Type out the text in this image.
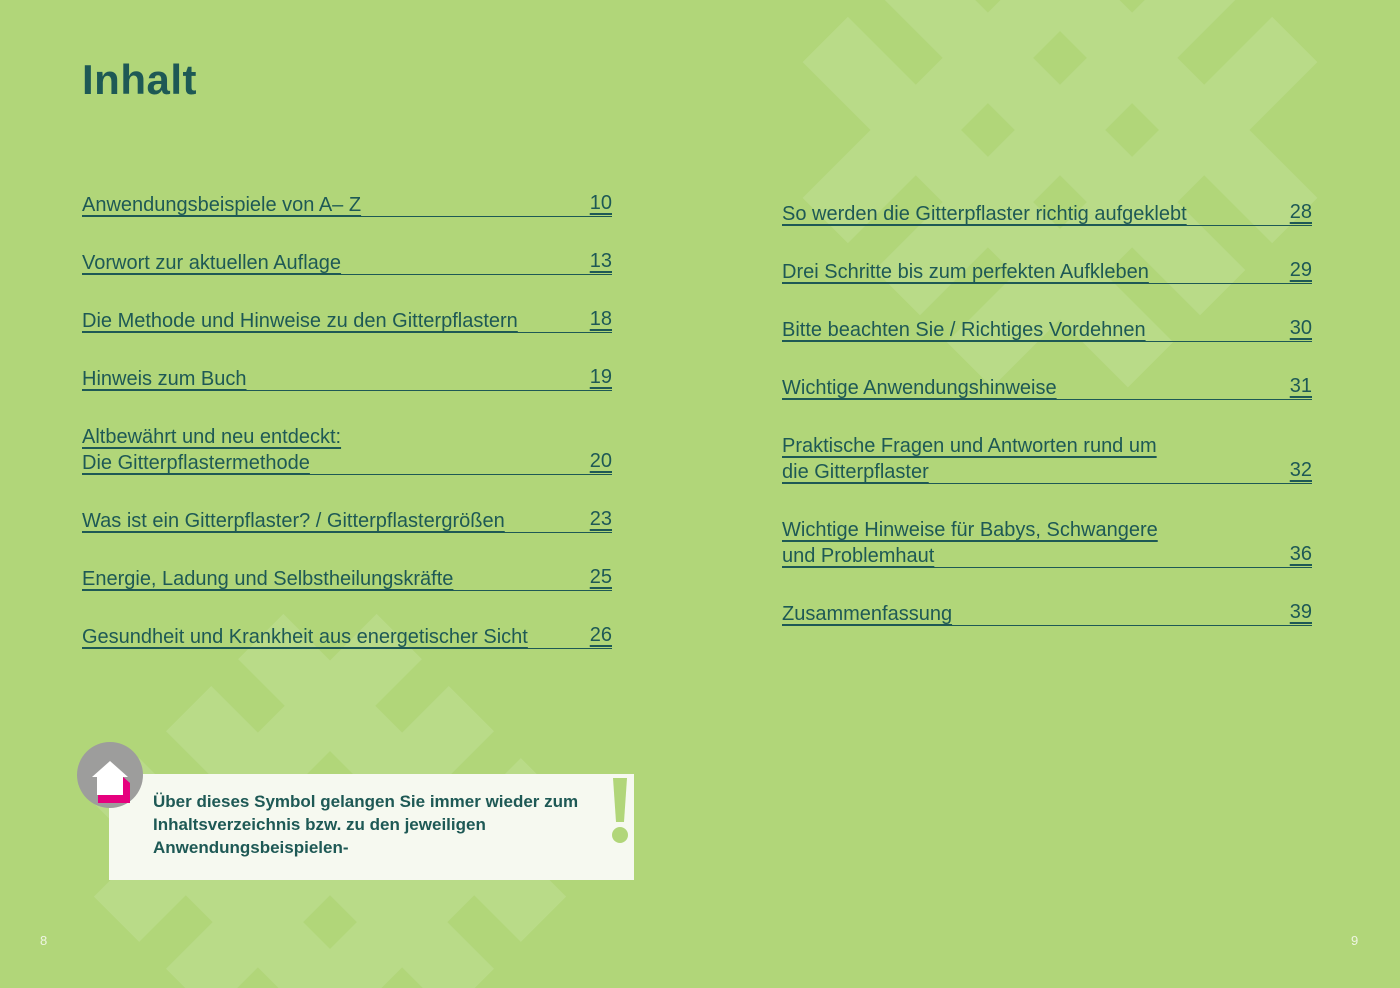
Inhalt
Anwendungsbeispiele von A– Z	10
Vorwort zur aktuellen Auflage	13
Die Methode und Hinweise zu den Gitterpflastern	18
Hinweis zum Buch	19
Altbewährt und neu entdeckt:
Die Gitterpflastermethode	20
Was ist ein Gitterpflaster? / Gitterpflastergrößen	23
Energie, Ladung und Selbstheilungskräfte	25
Gesundheit und Krankheit aus energetischer Sicht	26
So werden die Gitterpflaster richtig aufgeklebt	28
Drei Schritte bis zum perfekten Aufkleben	29
Bitte beachten Sie / Richtiges Vordehnen	30
Wichtige Anwendungshinweise	31
Praktische Fragen und Antworten rund um
die Gitterpflaster	32
Wichtige Hinweise für Babys, Schwangere
und Problemhaut	36
Zusammenfassung	39
Über dieses Symbol gelangen Sie immer wieder zum
Inhaltsverzeichnis bzw. zu den jeweiligen
Anwendungsbeispielen-
8	9
